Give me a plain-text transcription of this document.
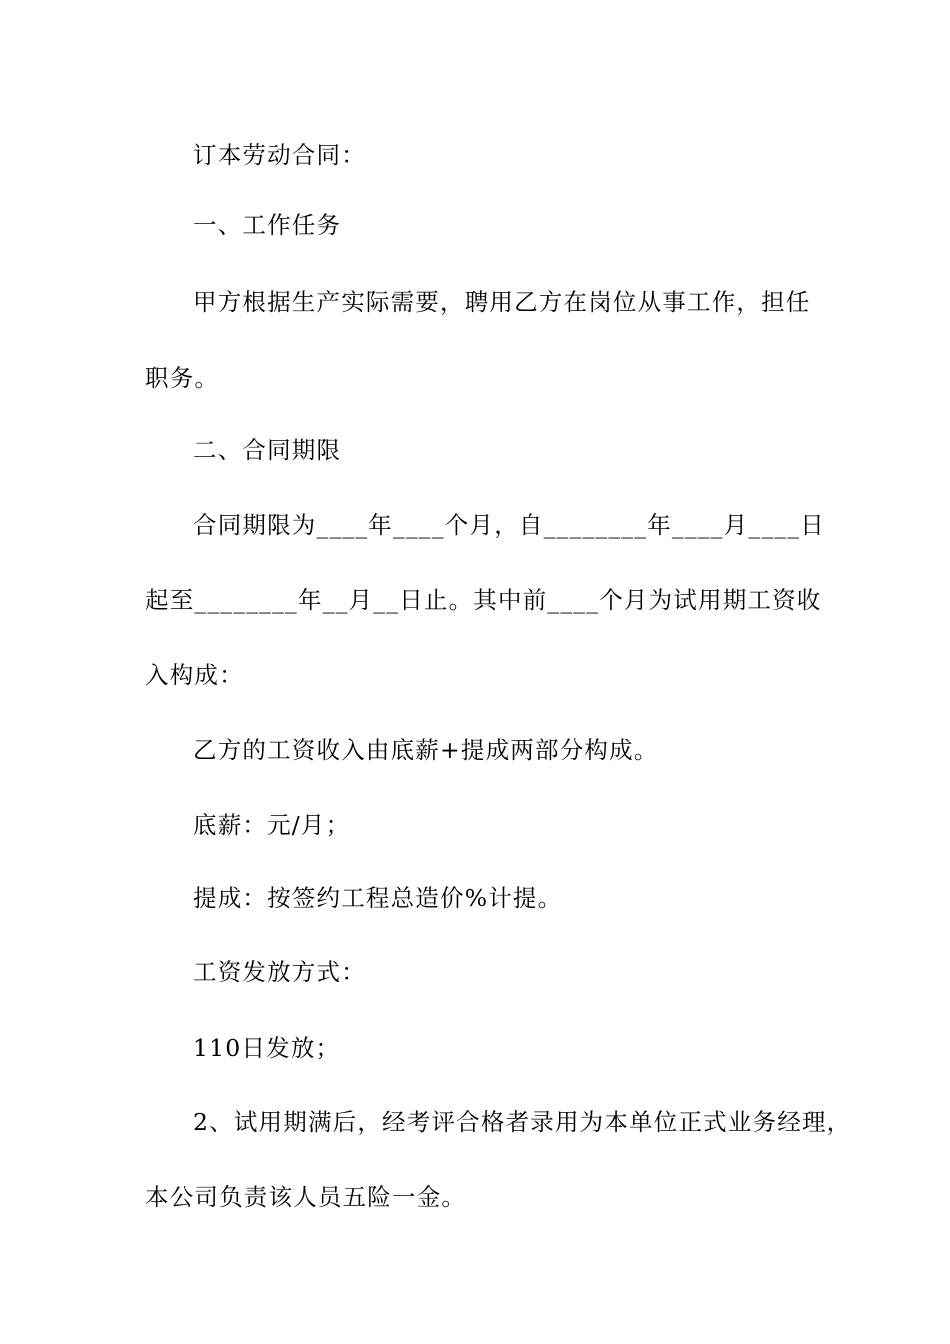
订本劳动合同：
一、工作任务
甲方根据生产实际需要，聘用乙方在岗位从事工作，担任
职务。
二、合同期限
合同期限为____年____个月，自________年____月____日
起至________年__月__日止。其中前____个月为试用期工资收
入构成：
乙方的工资收入由底薪+提成两部分构成。
底薪：元/月；
提成：按签约工程总造价%计提。
工资发放方式：
110日发放；
2、试用期满后，经考评合格者录用为本单位正式业务经理，
本公司负责该人员五险一金。
